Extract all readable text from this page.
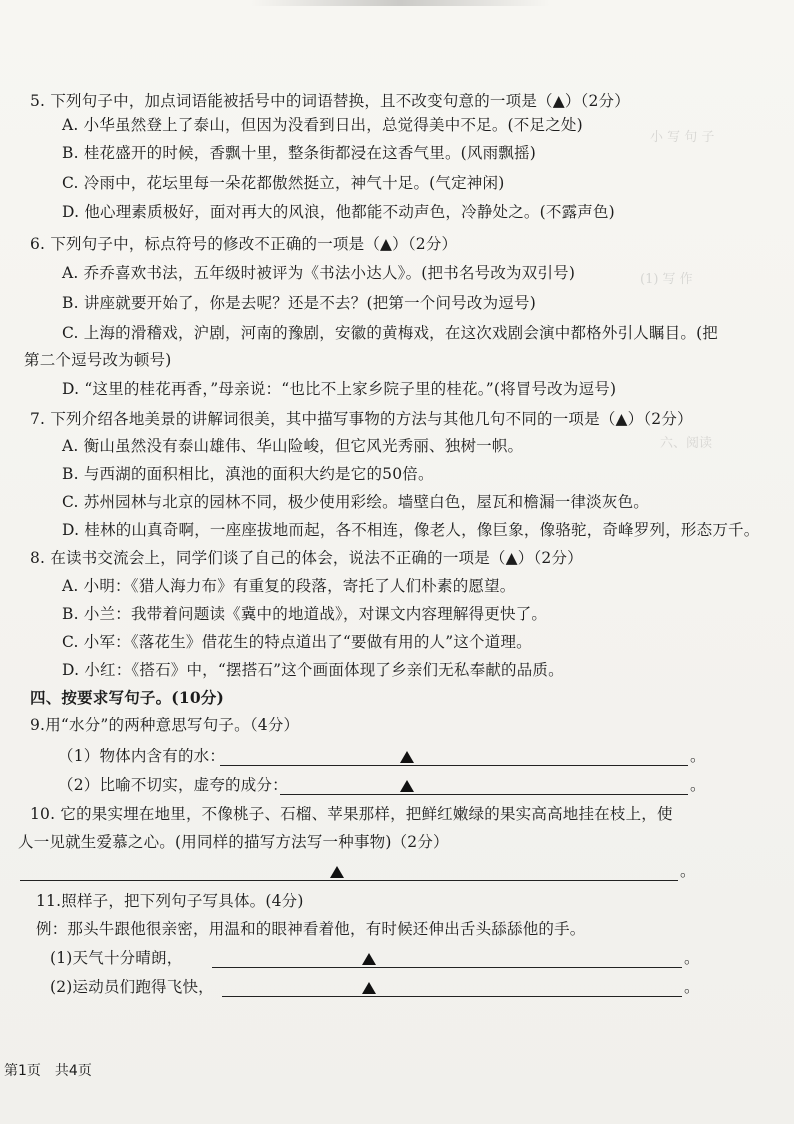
小 写 句 子
(1) 写 作
六、阅读
5. 下列句子中，加点词语能被括号中的词语替换，且不改变句意的一项是（▲）（2分）
A. 小华虽然登上了泰山，但因为没看到日出，总觉得美中不足。(不足之处)
B. 桂花盛开的时候，香飘十里，整条街都浸在这香气里。(风雨飘摇)
C. 冷雨中，花坛里每一朵花都傲然挺立，神气十足。(气定神闲)
D. 他心理素质极好，面对再大的风浪，他都能不动声色，冷静处之。(不露声色)
6. 下列句子中，标点符号的修改不正确的一项是（▲）（2分）
A. 乔乔喜欢书法，五年级时被评为《书法小达人》。(把书名号改为双引号)
B. 讲座就要开始了，你是去呢？还是不去？(把第一个问号改为逗号)
C. 上海的滑稽戏，沪剧，河南的豫剧，安徽的黄梅戏，在这次戏剧会演中都格外引人瞩目。(把
第二个逗号改为顿号)
D. “这里的桂花再香，”母亲说：“也比不上家乡院子里的桂花。”(将冒号改为逗号)
7. 下列介绍各地美景的讲解词很美，其中描写事物的方法与其他几句不同的一项是（▲）（2分）
A. 衡山虽然没有泰山雄伟、华山险峻，但它风光秀丽、独树一帜。
B. 与西湖的面积相比，滇池的面积大约是它的50倍。
C. 苏州园林与北京的园林不同，极少使用彩绘。墙壁白色，屋瓦和檐漏一律淡灰色。
D. 桂林的山真奇啊，一座座拔地而起，各不相连，像老人，像巨象，像骆驼，奇峰罗列，形态万千。
8. 在读书交流会上，同学们谈了自己的体会，说法不正确的一项是（▲）（2分）
A. 小明：《猎人海力布》有重复的段落，寄托了人们朴素的愿望。
B. 小兰：我带着问题读《冀中的地道战》，对课文内容理解得更快了。
C. 小军：《落花生》借花生的特点道出了“要做有用的人”这个道理。
D. 小红：《搭石》中，“摆搭石”这个画面体现了乡亲们无私奉献的品质。
四、按要求写句子。(10分)
9.用“水分”的两种意思写句子。（4分）
（1）物体内含有的水：	。
（2）比喻不切实，虚夸的成分：	。
10. 它的果实埋在地里，不像桃子、石榴、苹果那样，把鲜红嫩绿的果实高高地挂在枝上，使
人一见就生爱慕之心。(用同样的描写方法写一种事物)（2分）
。
11.照样子，把下列句子写具体。(4分)
例：那头牛跟他很亲密，用温和的眼神看着他，有时候还伸出舌头舔舔他的手。
(1)天气十分晴朗，	。
(2)运动员们跑得飞快，	。
第1页　共4页
